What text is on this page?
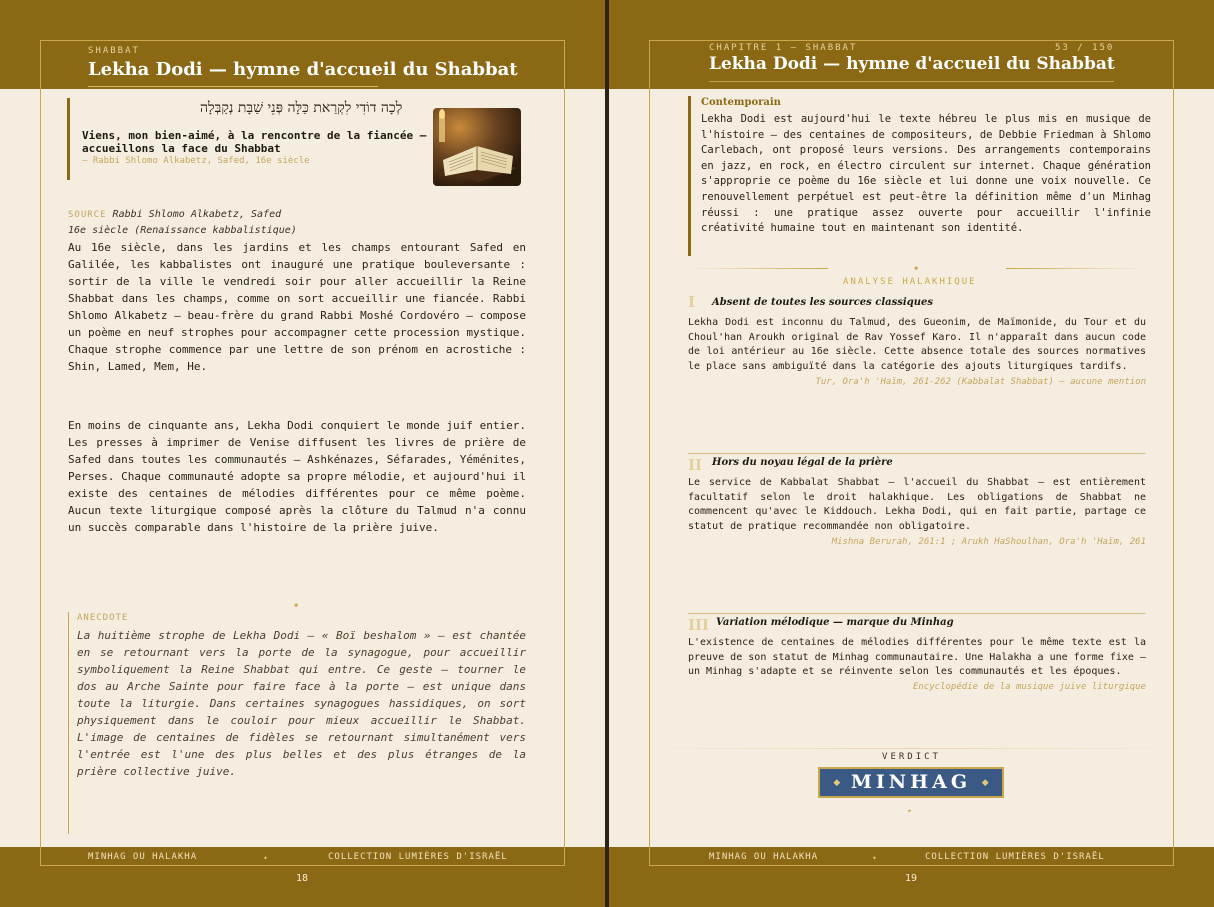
SHABBAT
Lekha Dodi — hymne d'accueil du Shabbat
לְכָה דוֹדִי לִקְרַאת כַּלָּה פְּנֵי שַׁבָּת נְקַבְּלָה
Viens, mon bien-aimé, à la rencontre de la fiancée — accueillons la face du Shabbat
— Rabbi Shlomo Alkabetz, Safed, 16e siècle
SOURCE Rabbi Shlomo Alkabetz, Safed
16e siècle (Renaissance kabbalistique)
Au 16e siècle, dans les jardins et les champs entourant Safed en Galilée, les kabbalistes ont inauguré une pratique bouleversante : sortir de la ville le vendredi soir pour aller accueillir la Reine Shabbat dans les champs, comme on sort accueillir une fiancée. Rabbi Shlomo Alkabetz — beau-frère du grand Rabbi Moshé Cordovéro — compose un poème en neuf strophes pour accompagner cette procession mystique. Chaque strophe commence par une lettre de son prénom en acrostiche : Shin, Lamed, Mem, He.
En moins de cinquante ans, Lekha Dodi conquiert le monde juif entier. Les presses à imprimer de Venise diffusent les livres de prière de Safed dans toutes les communautés — Ashkénazes, Séfarades, Yéménites, Perses. Chaque communauté adopte sa propre mélodie, et aujourd'hui il existe des centaines de mélodies différentes pour ce même poème. Aucun texte liturgique composé après la clôture du Talmud n'a connu un succès comparable dans l'histoire de la prière juive.
◆
ANECDOTE
La huitième strophe de Lekha Dodi — « Boï beshalom » — est chantée en se retournant vers la porte de la synagogue, pour accueillir symboliquement la Reine Shabbat qui entre. Ce geste — tourner le dos au Arche Sainte pour faire face à la porte — est unique dans toute la liturgie. Dans certaines synagogues hassidiques, on sort physiquement dans le couloir pour mieux accueillir le Shabbat. L'image de centaines de fidèles se retournant simultanément vers l'entrée est l'une des plus belles et des plus étranges de la prière collective juive.
MINHAG OU HALAKHA	✦	COLLECTION LUMIÈRES D'ISRAËL
18
CHAPITRE 1 — SHABBAT	53 / 150
Lekha Dodi — hymne d'accueil du Shabbat
Contemporain
Lekha Dodi est aujourd'hui le texte hébreu le plus mis en musique de l'histoire — des centaines de compositeurs, de Debbie Friedman à Shlomo Carlebach, ont proposé leurs versions. Des arrangements contemporains en jazz, en rock, en électro circulent sur internet. Chaque génération s'approprie ce poème du 16e siècle et lui donne une voix nouvelle. Ce renouvellement perpétuel est peut-être la définition même d'un Minhag réussi : une pratique assez ouverte pour accueillir l'infinie créativité humaine tout en maintenant son identité.
◆
ANALYSE HALAKHIQUE
I Absent de toutes les sources classiques
Lekha Dodi est inconnu du Talmud, des Gueonim, de Maïmonide, du Tour et du Choul'han Aroukh original de Rav Yossef Karo. Il n'apparaît dans aucun code de loi antérieur au 16e siècle. Cette absence totale des sources normatives le place sans ambiguïté dans la catégorie des ajouts liturgiques tardifs.
Tur, Ora'h 'Haïm, 261-262 (Kabbalat Shabbat) — aucune mention
II Hors du noyau légal de la prière
Le service de Kabbalat Shabbat — l'accueil du Shabbat — est entièrement facultatif selon le droit halakhique. Les obligations de Shabbat ne commencent qu'avec le Kiddouch. Lekha Dodi, qui en fait partie, partage ce statut de pratique recommandée non obligatoire.
Mishna Berurah, 261:1 ; Arukh HaShoulhan, Ora'h 'Haïm, 261
III Variation mélodique — marque du Minhag
L'existence de centaines de mélodies différentes pour le même texte est la preuve de son statut de Minhag communautaire. Une Halakha a une forme fixe — un Minhag s'adapte et se réinvente selon les communautés et les époques.
Encyclopédie de la musique juive liturgique
VERDICT
◆ MINHAG ◆
✦
MINHAG OU HALAKHA	✦	COLLECTION LUMIÈRES D'ISRAËL
19
